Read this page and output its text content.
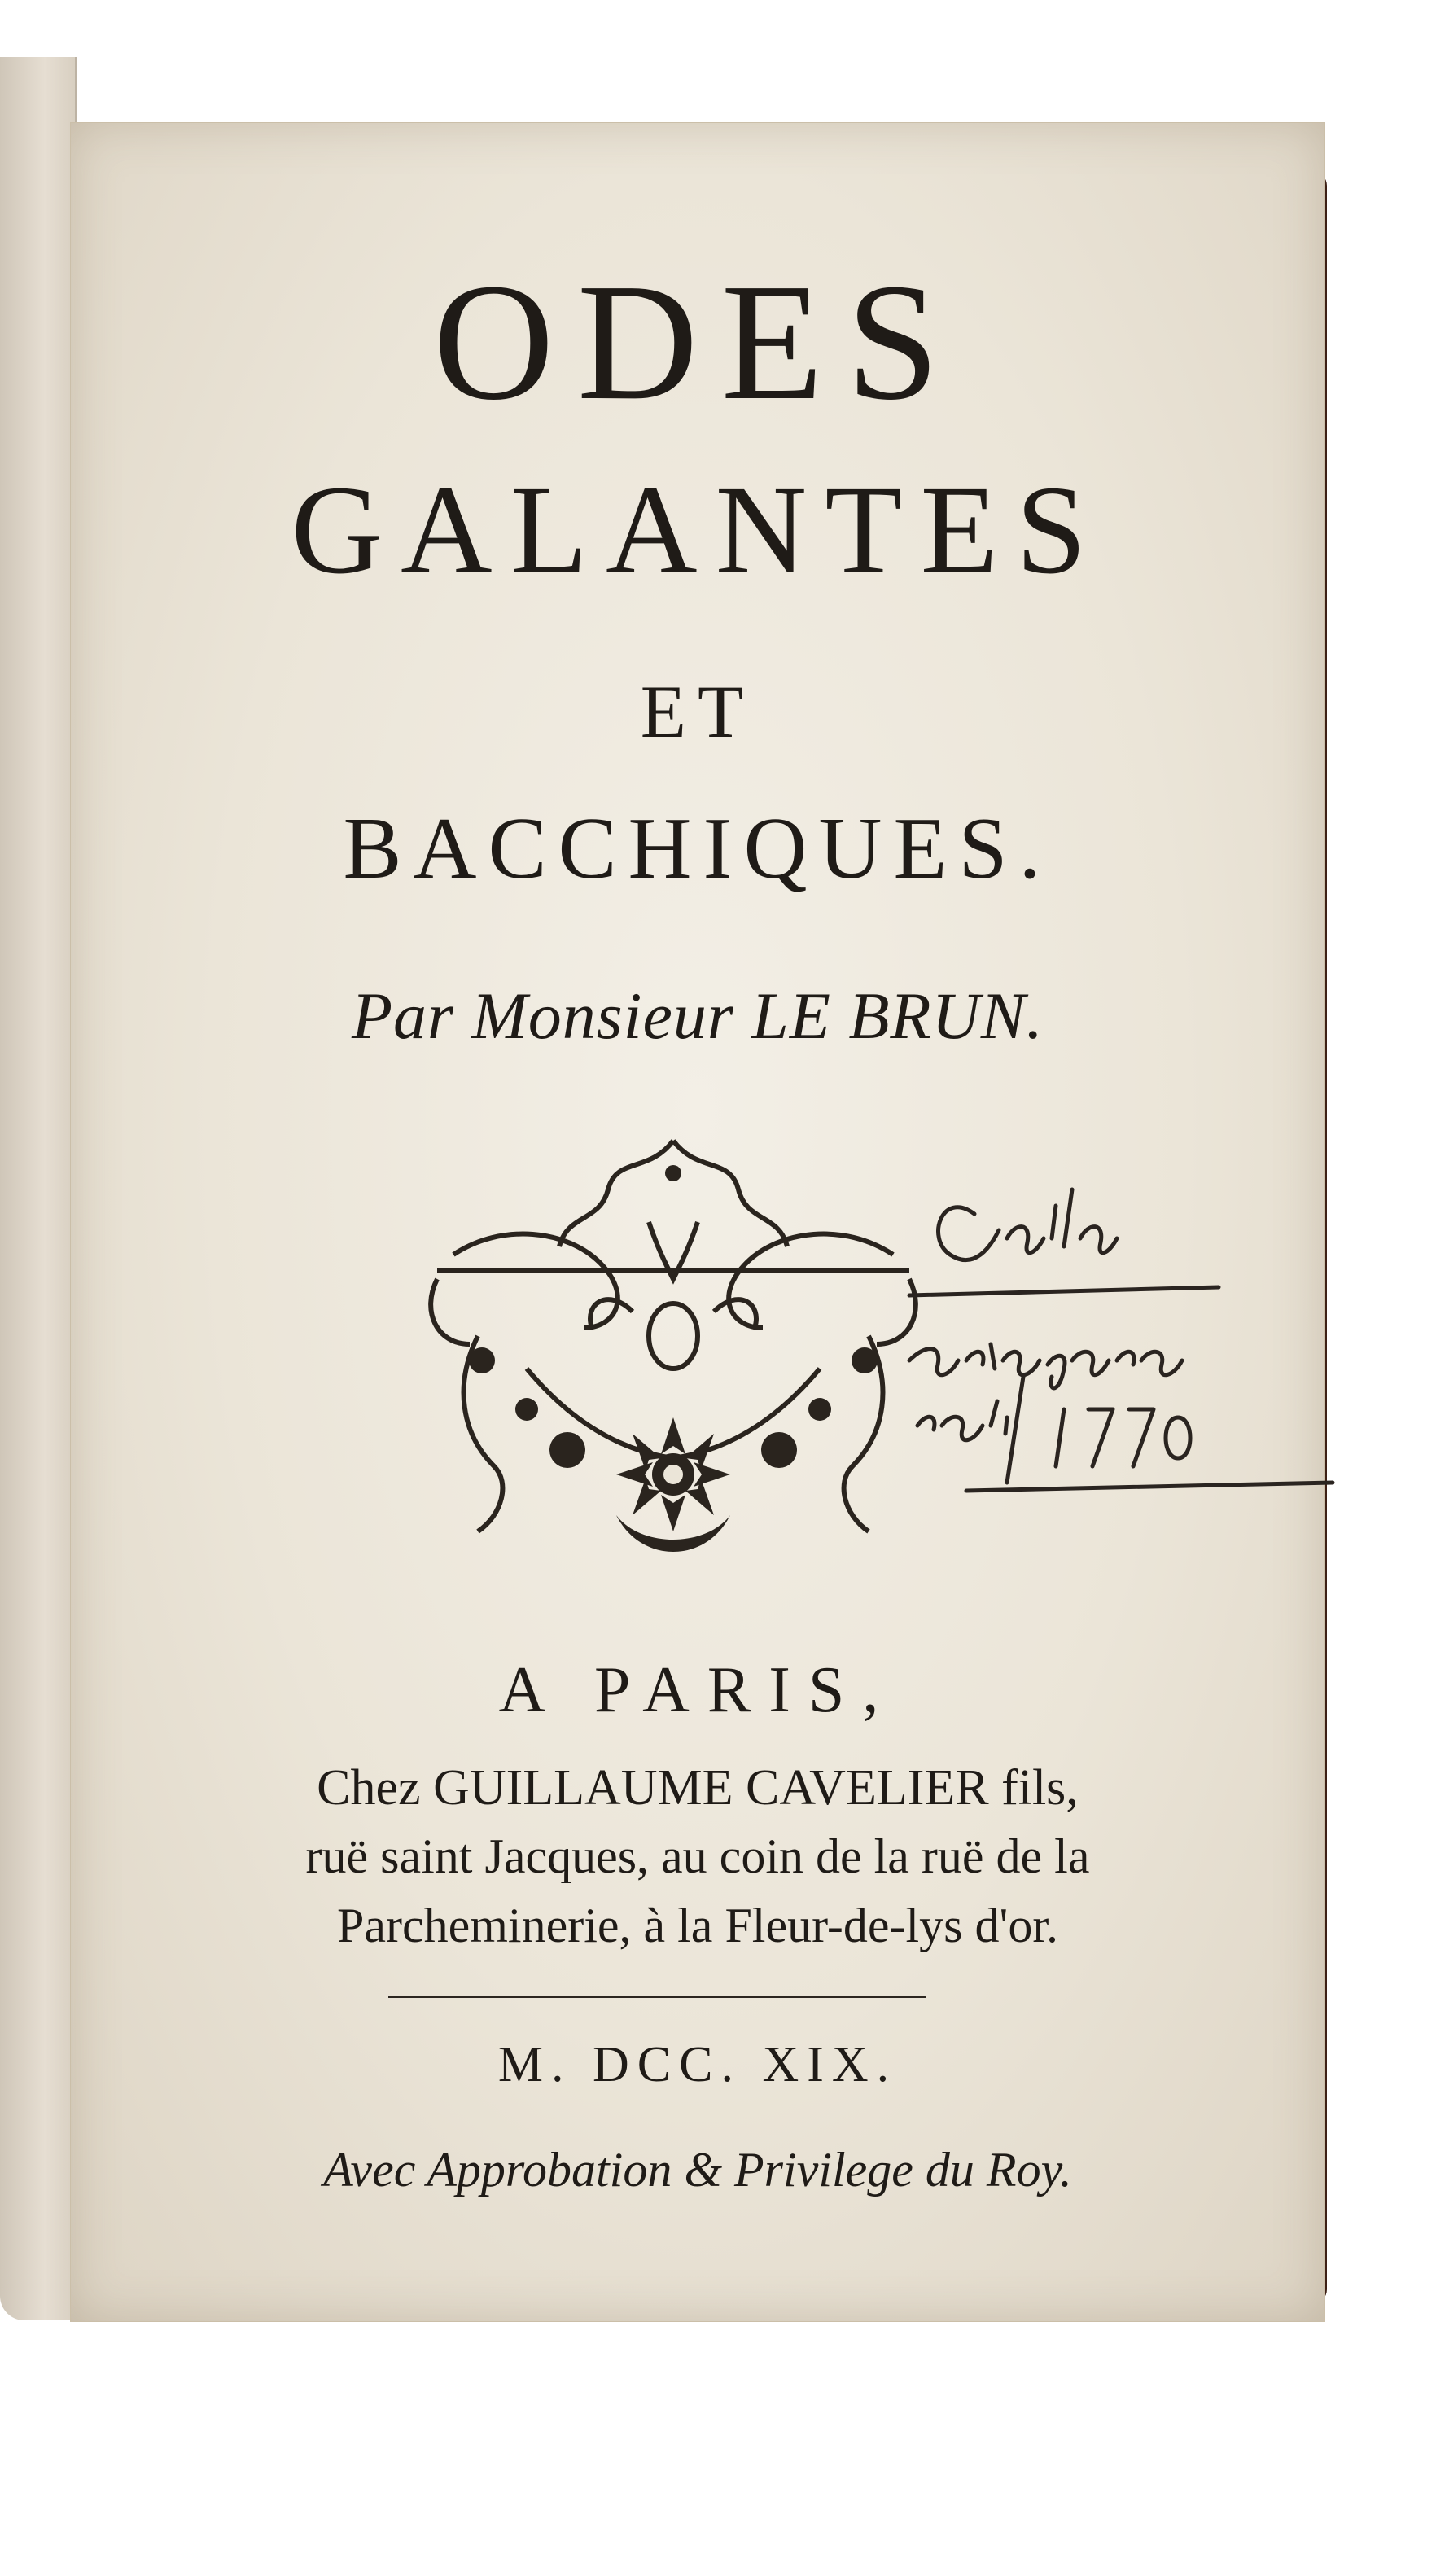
ODES
GALANTES
ET
BACCHIQUES.
Par Monsieur LE BRUN.
A PARIS,
Chez GUILLAUME CAVELIER fils,
ruë saint Jacques, au coin de la ruë de la
Parcheminerie, à la Fleur-de-lys d'or.
M. DCC. XIX.
Avec Approbation & Privilege du Roy.
